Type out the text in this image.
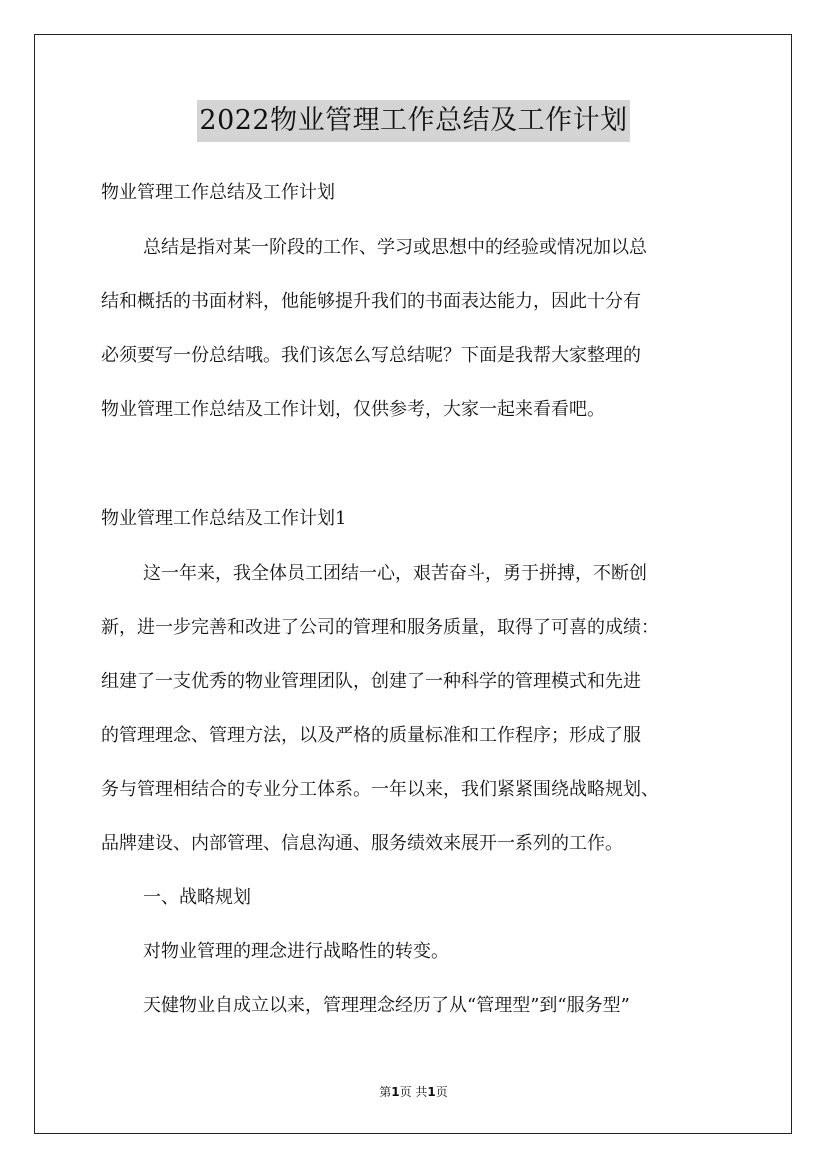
2022物业管理工作总结及工作计划
物业管理工作总结及工作计划
总结是指对某一阶段的工作、学习或思想中的经验或情况加以总
结和概括的书面材料，他能够提升我们的书面表达能力，因此十分有
必须要写一份总结哦。我们该怎么写总结呢？下面是我帮大家整理的
物业管理工作总结及工作计划，仅供参考，大家一起来看看吧。
物业管理工作总结及工作计划1
这一年来，我全体员工团结一心，艰苦奋斗，勇于拼搏，不断创
新，进一步完善和改进了公司的管理和服务质量，取得了可喜的成绩：
组建了一支优秀的物业管理团队，创建了一种科学的管理模式和先进
的管理理念、管理方法，以及严格的质量标准和工作程序；形成了服
务与管理相结合的专业分工体系。一年以来，我们紧紧围绕战略规划、
品牌建设、内部管理、信息沟通、服务绩效来展开一系列的工作。
一、战略规划
对物业管理的理念进行战略性的转变。
天健物业自成立以来，管理理念经历了从“管理型”到“服务型”
第1页 共1页
